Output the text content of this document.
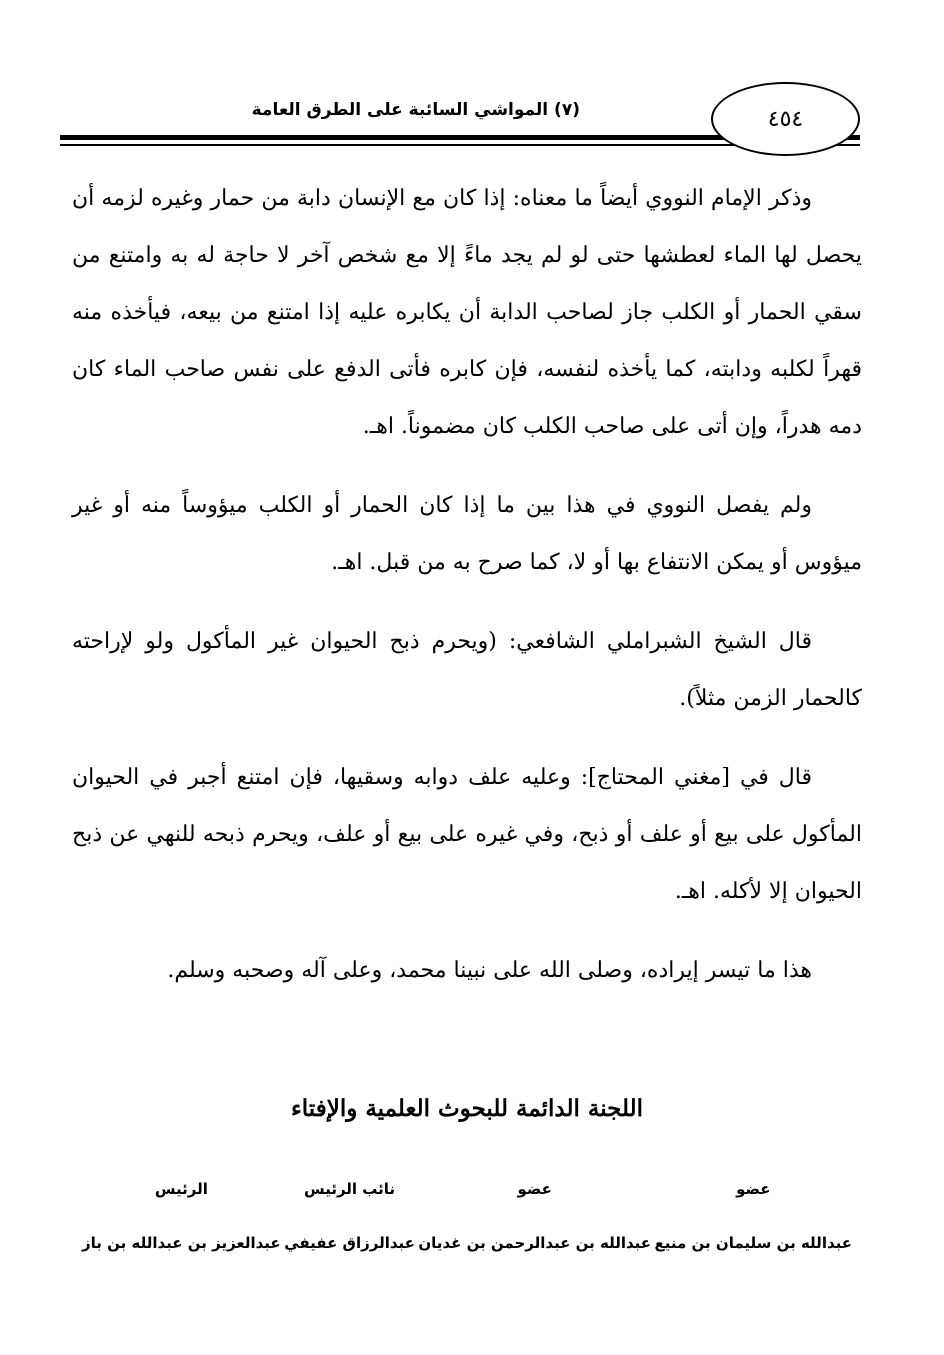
(٧) المواشي السائبة على الطرق العامة	٤٥٤

وذكر الإمام النووي أيضاً ما معناه: إذا كان مع الإنسان دابة من حمار وغيره لزمه أن يحصل لها الماء لعطشها حتى لو لم يجد ماءً إلا مع شخص آخر لا حاجة له به وامتنع من سقي الحمار أو الكلب جاز لصاحب الدابة أن يكابره عليه إذا امتنع من بيعه، فيأخذه منه قهراً لكلبه ودابته، كما يأخذه لنفسه، فإن كابره فأتى الدفع على نفس صاحب الماء كان دمه هدراً، وإن أتى على صاحب الكلب كان مضموناً. اهـ.

ولم يفصل النووي في هذا بين ما إذا كان الحمار أو الكلب ميؤوساً منه أو غير ميؤوس أو يمكن الانتفاع بها أو لا، كما صرح به من قبل. اهـ.

قال الشيخ الشبراملي الشافعي: (ويحرم ذبح الحيوان غير المأكول ولو لإراحته كالحمار الزمن مثلاً).

قال في [مغني المحتاج]: وعليه علف دوابه وسقيها، فإن امتنع أجبر في الحيوان المأكول على بيع أو علف أو ذبح، وفي غيره على بيع أو علف، ويحرم ذبحه للنهي عن ذبح الحيوان إلا لأكله. اهـ.

هذا ما تيسر إيراده، وصلى الله على نبينا محمد، وعلى آله وصحبه وسلم.

اللجنة الدائمة للبحوث العلمية والإفتاء
عضو
عبدالله بن سليمان بن منيع
عضو
عبدالله بن عبدالرحمن بن غديان
نائب الرئيس
عبدالرزاق عفيفي
الرئيس
عبدالعزيز بن عبدالله بن باز
